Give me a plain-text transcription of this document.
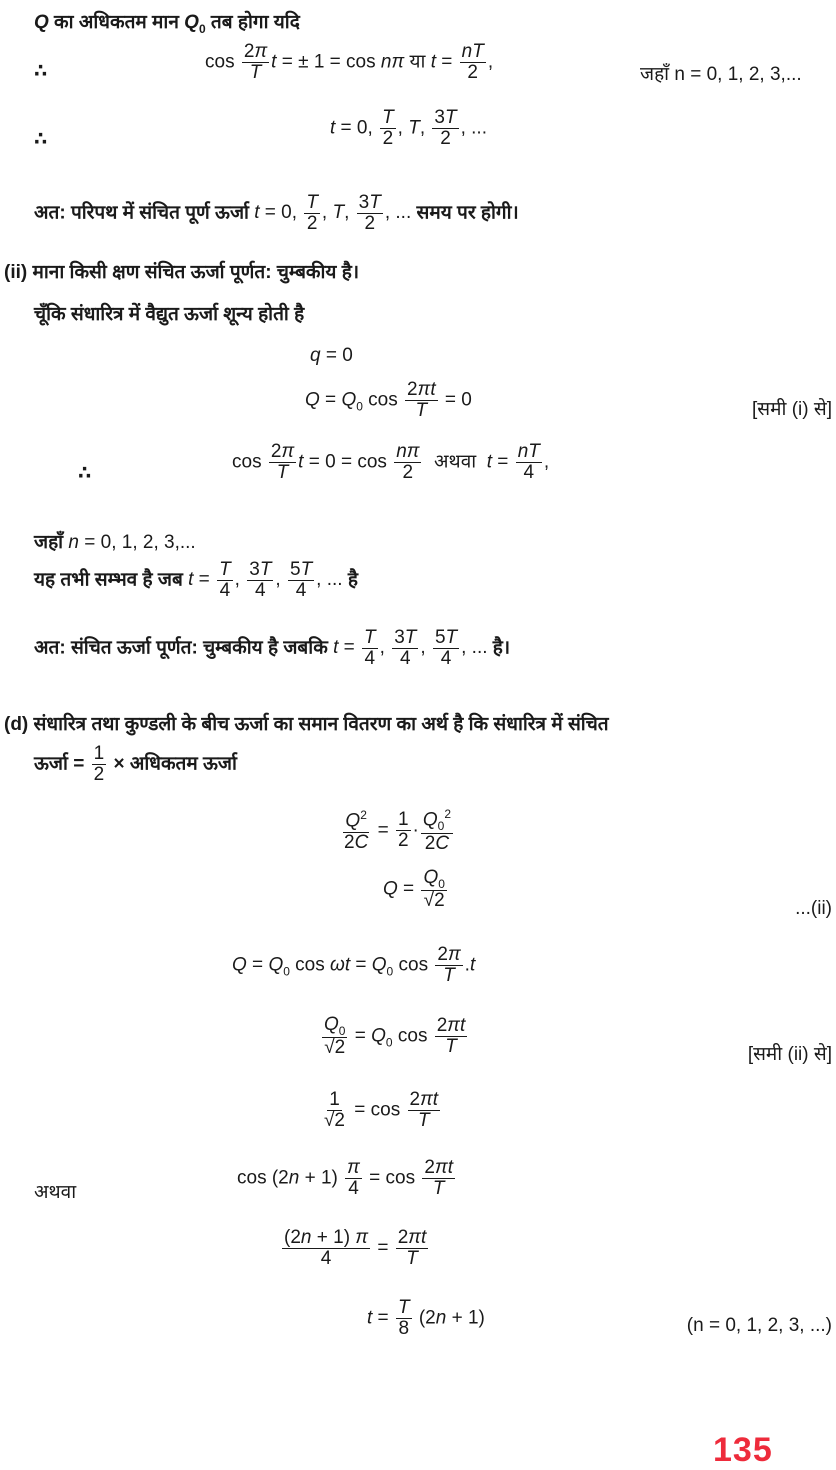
Q का अधिकतम मान $Q_0$ तब होगा यदि
∴	$\cos \frac{2\pi}{T}$ t = ± 1 = cos nπ या $t = \frac{nT}{2}$ ,
जहाँ n = 0, 1, 2, 3,...
∴
t = 0, $\frac{T}{2}$ , T, $\frac{3T}{2}$ , ...
अत: परिपथ में संचित पूर्ण ऊर्जा t = 0, $\frac{T}{2}$ , T, $\frac{3T}{2}$ , ... समय पर होगी।
(ii) माना किसी क्षण संचित ऊर्जा पूर्णत: चुम्बकीय है।
चूँकि संधारित्र में वैद्युत ऊर्जा शून्य होती है
q = 0
$Q = Q_0$ $\cos \frac{2\pi t}{T} = 0$	[समी (i) से]
∴
$\cos \frac{2\pi}{T}$ $t = 0 = \cos \frac{n\pi}{2}$ अथवा  $t = \frac{nT}{4}$ ,
जहाँ n = 0, 1, 2, 3,...
यह तभी सम्भव है जब $t = \frac{T}{4}$ , $\frac{3T}{4}$ , $\frac{5T}{4}$ , ... है
अत: संचित ऊर्जा पूर्णत: चुम्बकीय है जबकि $t = \frac{T}{4}$ , $\frac{3T}{4}$ , $\frac{5T}{4}$ , ... है।
(d) संधारित्र तथा कुण्डली के बीच ऊर्जा का समान वितरण का अर्थ है कि संधारित्र में संचित
ऊर्जा = $\frac{1}{2}$ × अधिकतम ऊर्जा
$\frac{Q^2}{2C} = \frac{1}{2} \cdot \frac{Q_0^2}{2C}$
$Q = \frac{Q_0}{√2}$	...(ii)
$Q = Q_0$ $\cos \omega t = Q_0$ $\cos \frac{2\pi}{T} .t$
$\frac{Q_0}{√2} = Q_0$ $\cos \frac{2\pi t}{T}$	[समी (ii) से]
$\frac{1}{√2} = \cos \frac{2\pi t}{T}$
अथवा
$\cos (2n + 1) \frac{\pi}{4} = \cos \frac{2\pi t}{T}$
$\frac{(2n + 1) \pi}{4} = \frac{2\pi t}{T}$
$t = \frac{T}{8} (2n + 1)$	(n = 0, 1, 2, 3, ...)
135
